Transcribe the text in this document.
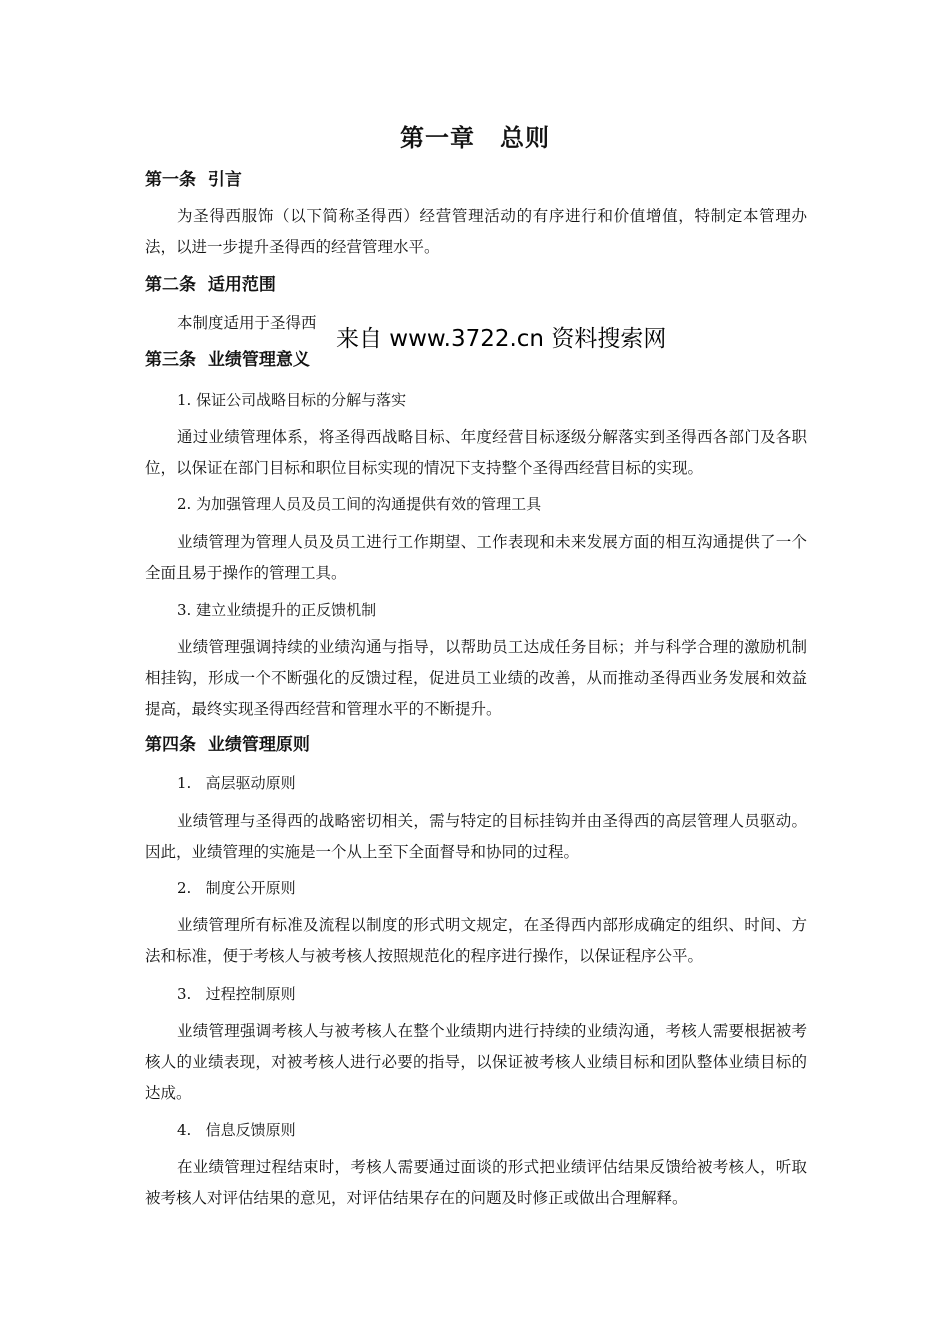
第一章　总则
第一条  引言
为圣得西服饰（以下简称圣得西）经营管理活动的有序进行和价值增值，特制定本管理办法，以进一步提升圣得西的经营管理水平。
第二条  适用范围
本制度适用于圣得西
第三条  业绩管理意义
1. 保证公司战略目标的分解与落实
通过业绩管理体系，将圣得西战略目标、年度经营目标逐级分解落实到圣得西各部门及各职位，以保证在部门目标和职位目标实现的情况下支持整个圣得西经营目标的实现。
2. 为加强管理人员及员工间的沟通提供有效的管理工具
业绩管理为管理人员及员工进行工作期望、工作表现和未来发展方面的相互沟通提供了一个全面且易于操作的管理工具。
3. 建立业绩提升的正反馈机制
业绩管理强调持续的业绩沟通与指导，以帮助员工达成任务目标；并与科学合理的激励机制相挂钩，形成一个不断强化的反馈过程，促进员工业绩的改善，从而推动圣得西业务发展和效益提高，最终实现圣得西经营和管理水平的不断提升。
第四条  业绩管理原则
1.   高层驱动原则
业绩管理与圣得西的战略密切相关，需与特定的目标挂钩并由圣得西的高层管理人员驱动。因此，业绩管理的实施是一个从上至下全面督导和协同的过程。
2.   制度公开原则
业绩管理所有标准及流程以制度的形式明文规定，在圣得西内部形成确定的组织、时间、方法和标准，便于考核人与被考核人按照规范化的程序进行操作，以保证程序公平。
3.   过程控制原则
业绩管理强调考核人与被考核人在整个业绩期内进行持续的业绩沟通，考核人需要根据被考核人的业绩表现，对被考核人进行必要的指导，以保证被考核人业绩目标和团队整体业绩目标的达成。
4.   信息反馈原则
在业绩管理过程结束时，考核人需要通过面谈的形式把业绩评估结果反馈给被考核人，听取被考核人对评估结果的意见，对评估结果存在的问题及时修正或做出合理解释。
来自 www.3722.cn 资料搜索网
